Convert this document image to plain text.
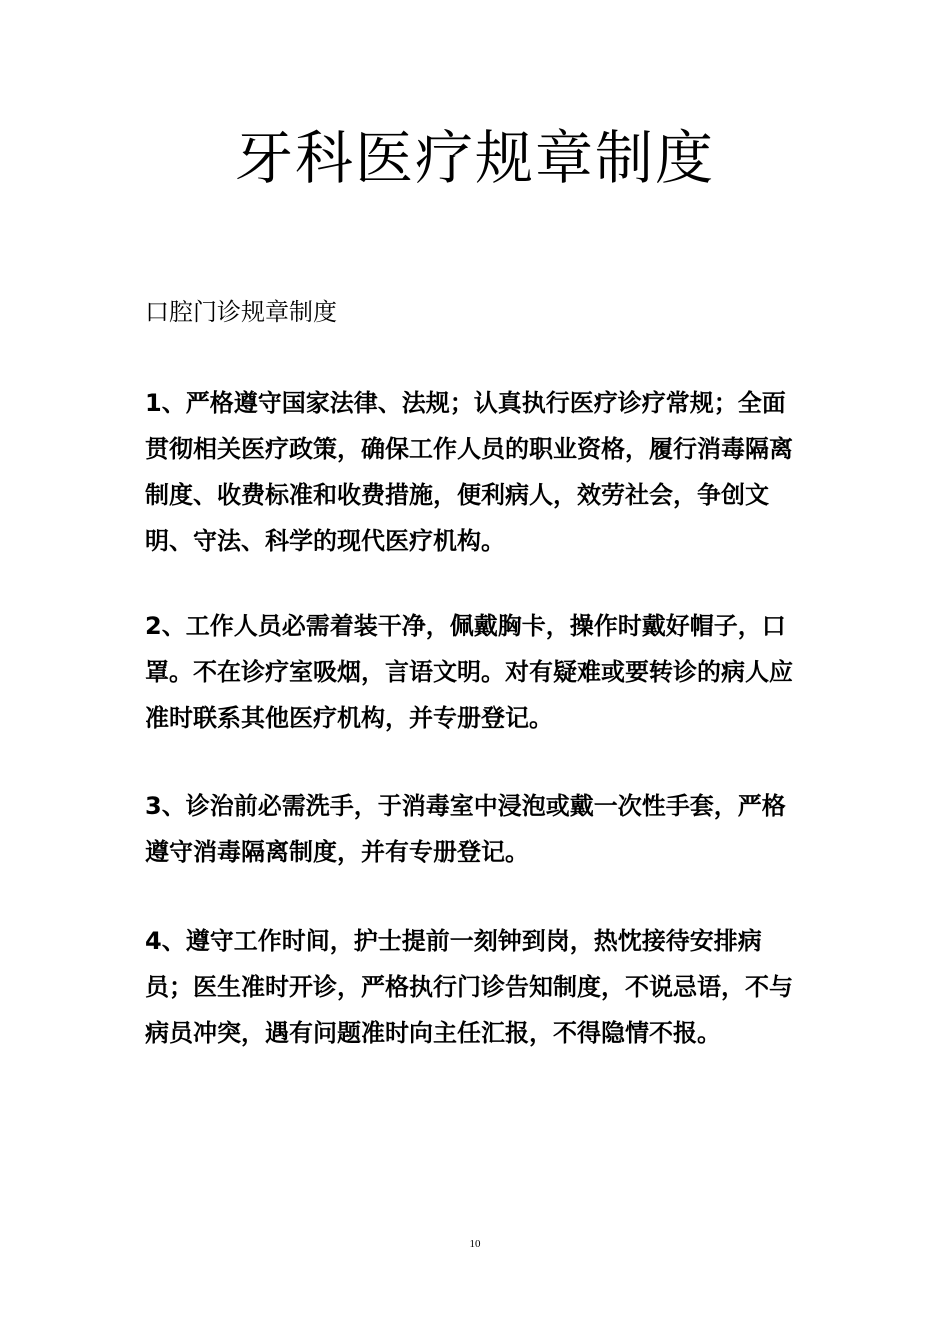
牙科医疗规章制度

口腔门诊规章制度

1、严格遵守国家法律、法规；认真执行医疗诊疗常规；全面贯彻相关医疗政策，确保工作人员的职业资格，履行消毒隔离制度、收费标准和收费措施，便利病人，效劳社会，争创文明、守法、科学的现代医疗机构。

2、工作人员必需着装干净，佩戴胸卡，操作时戴好帽子，口罩。不在诊疗室吸烟，言语文明。对有疑难或要转诊的病人应准时联系其他医疗机构，并专册登记。

3、诊治前必需洗手，于消毒室中浸泡或戴一次性手套，严格遵守消毒隔离制度，并有专册登记。

4、遵守工作时间，护士提前一刻钟到岗，热忱接待安排病员；医生准时开诊，严格执行门诊告知制度，不说忌语，不与病员冲突，遇有问题准时向主任汇报，不得隐情不报。

10
